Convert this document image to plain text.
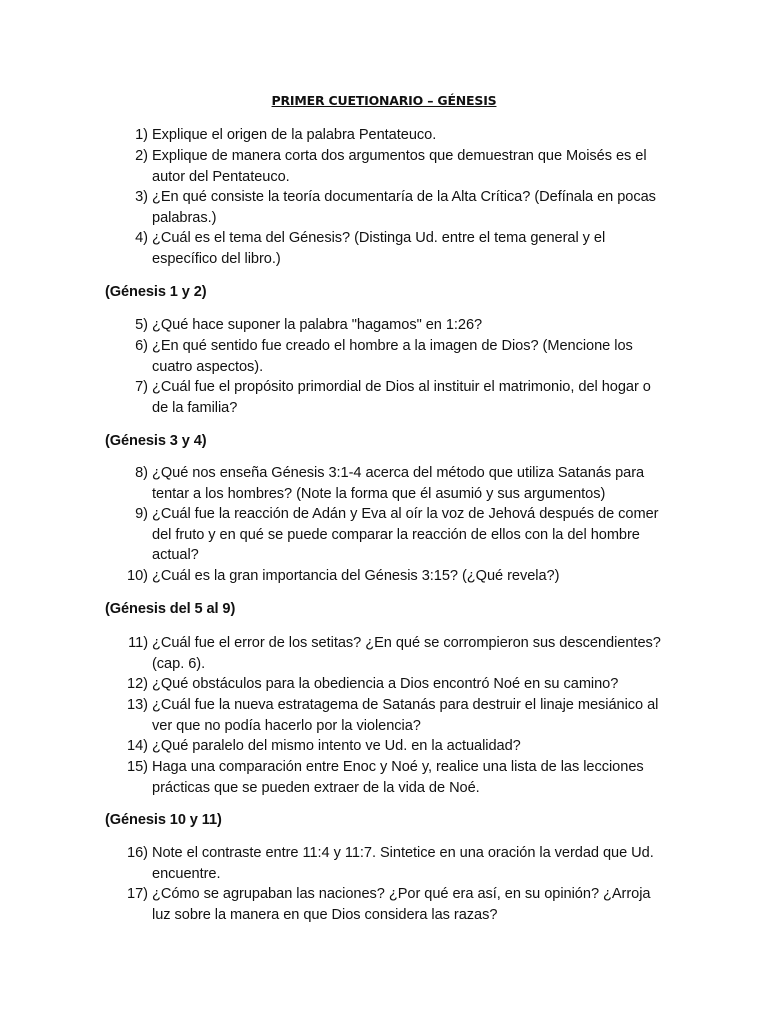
PRIMER CUETIONARIO – GÉNESIS
1) Explique el origen de la palabra Pentateuco.
2) Explique de manera corta dos argumentos que demuestran que Moisés es el autor del Pentateuco.
3) ¿En qué consiste la teoría documentaría de la Alta Crítica? (Defínala en pocas palabras.)
4) ¿Cuál es el tema del Génesis? (Distinga Ud. entre el tema general y el específico del libro.)
(Génesis 1 y 2)
5) ¿Qué hace suponer la palabra "hagamos" en 1:26?
6) ¿En qué sentido fue creado el hombre a la imagen de Dios? (Mencione los cuatro aspectos).
7) ¿Cuál fue el propósito primordial de Dios al instituir el matrimonio, del hogar o de la familia?
(Génesis 3 y 4)
8) ¿Qué nos enseña Génesis 3:1-4 acerca del método que utiliza Satanás para tentar a los hombres? (Note la forma que él asumió y sus argumentos)
9) ¿Cuál fue la reacción de Adán y Eva al oír la voz de Jehová después de comer del fruto y en qué se puede comparar la reacción de ellos con la del hombre actual?
10) ¿Cuál es la gran importancia del Génesis 3:15? (¿Qué revela?)
(Génesis del 5 al 9)
11) ¿Cuál fue el error de los setitas? ¿En qué se corrompieron sus descendientes? (cap. 6).
12) ¿Qué obstáculos para la obediencia a Dios encontró Noé en su camino?
13) ¿Cuál fue la nueva estratagema de Satanás para destruir el linaje mesiánico al ver que no podía hacerlo por la violencia?
14) ¿Qué paralelo del mismo intento ve Ud. en la actualidad?
15) Haga una comparación entre Enoc y Noé y, realice una lista de las lecciones prácticas que se pueden extraer de la vida de Noé.
(Génesis 10 y 11)
16) Note el contraste entre 11:4 y 11:7. Sintetice en una oración la verdad que Ud. encuentre.
17) ¿Cómo se agrupaban las naciones? ¿Por qué era así, en su opinión? ¿Arroja luz sobre la manera en que Dios considera las razas?
